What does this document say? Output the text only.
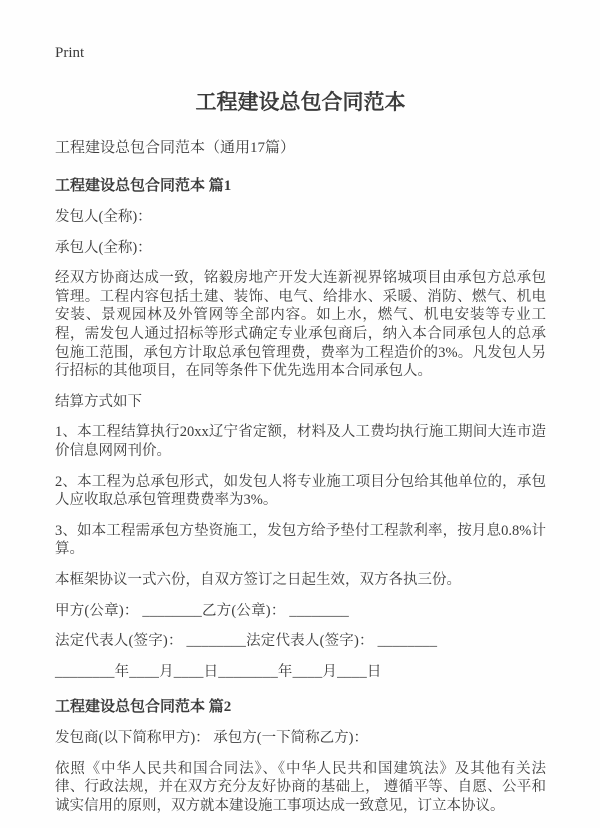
Print
工程建设总包合同范本

工程建设总包合同范本（通用17篇）

工程建设总包合同范本 篇1

发包人(全称)：

承包人(全称)：

经双方协商达成一致，铭毅房地产开发大连新视界铭城项目由承包方总承包管理。工程内容包括土建、装饰、电气、给排水、采暖、消防、燃气、机电安装、景观园林及外管网等全部内容。如上水，燃气、机电安装等专业工程，需发包人通过招标等形式确定专业承包商后，纳入本合同承包人的总承包施工范围，承包方计取总承包管理费，费率为工程造价的3%。凡发包人另行招标的其他项目，在同等条件下优先选用本合同承包人。

结算方式如下

1、本工程结算执行20xx辽宁省定额，材料及人工费均执行施工期间大连市造价信息网网刊价。

2、本工程为总承包形式，如发包人将专业施工项目分包给其他单位的，承包人应收取总承包管理费费率为3%。

3、如本工程需承包方垫资施工，发包方给予垫付工程款利率，按月息0.8%计算。

本框架协议一式六份，自双方签订之日起生效，双方各执三份。

甲方(公章)： ________乙方(公章)： ________

法定代表人(签字)： ________法定代表人(签字)： ________

________年____月____日________年____月____日

工程建设总包合同范本 篇2

发包商(以下简称甲方)： 承包方(一下简称乙方)：

依照《中华人民共和国合同法》、《中华人民共和国建筑法》及其他有关法律、行政法规，并在双方充分友好协商的基础上， 遵循平等、自愿、公平和诚实信用的原则，双方就本建设施工事项达成一致意见，订立本协议。
